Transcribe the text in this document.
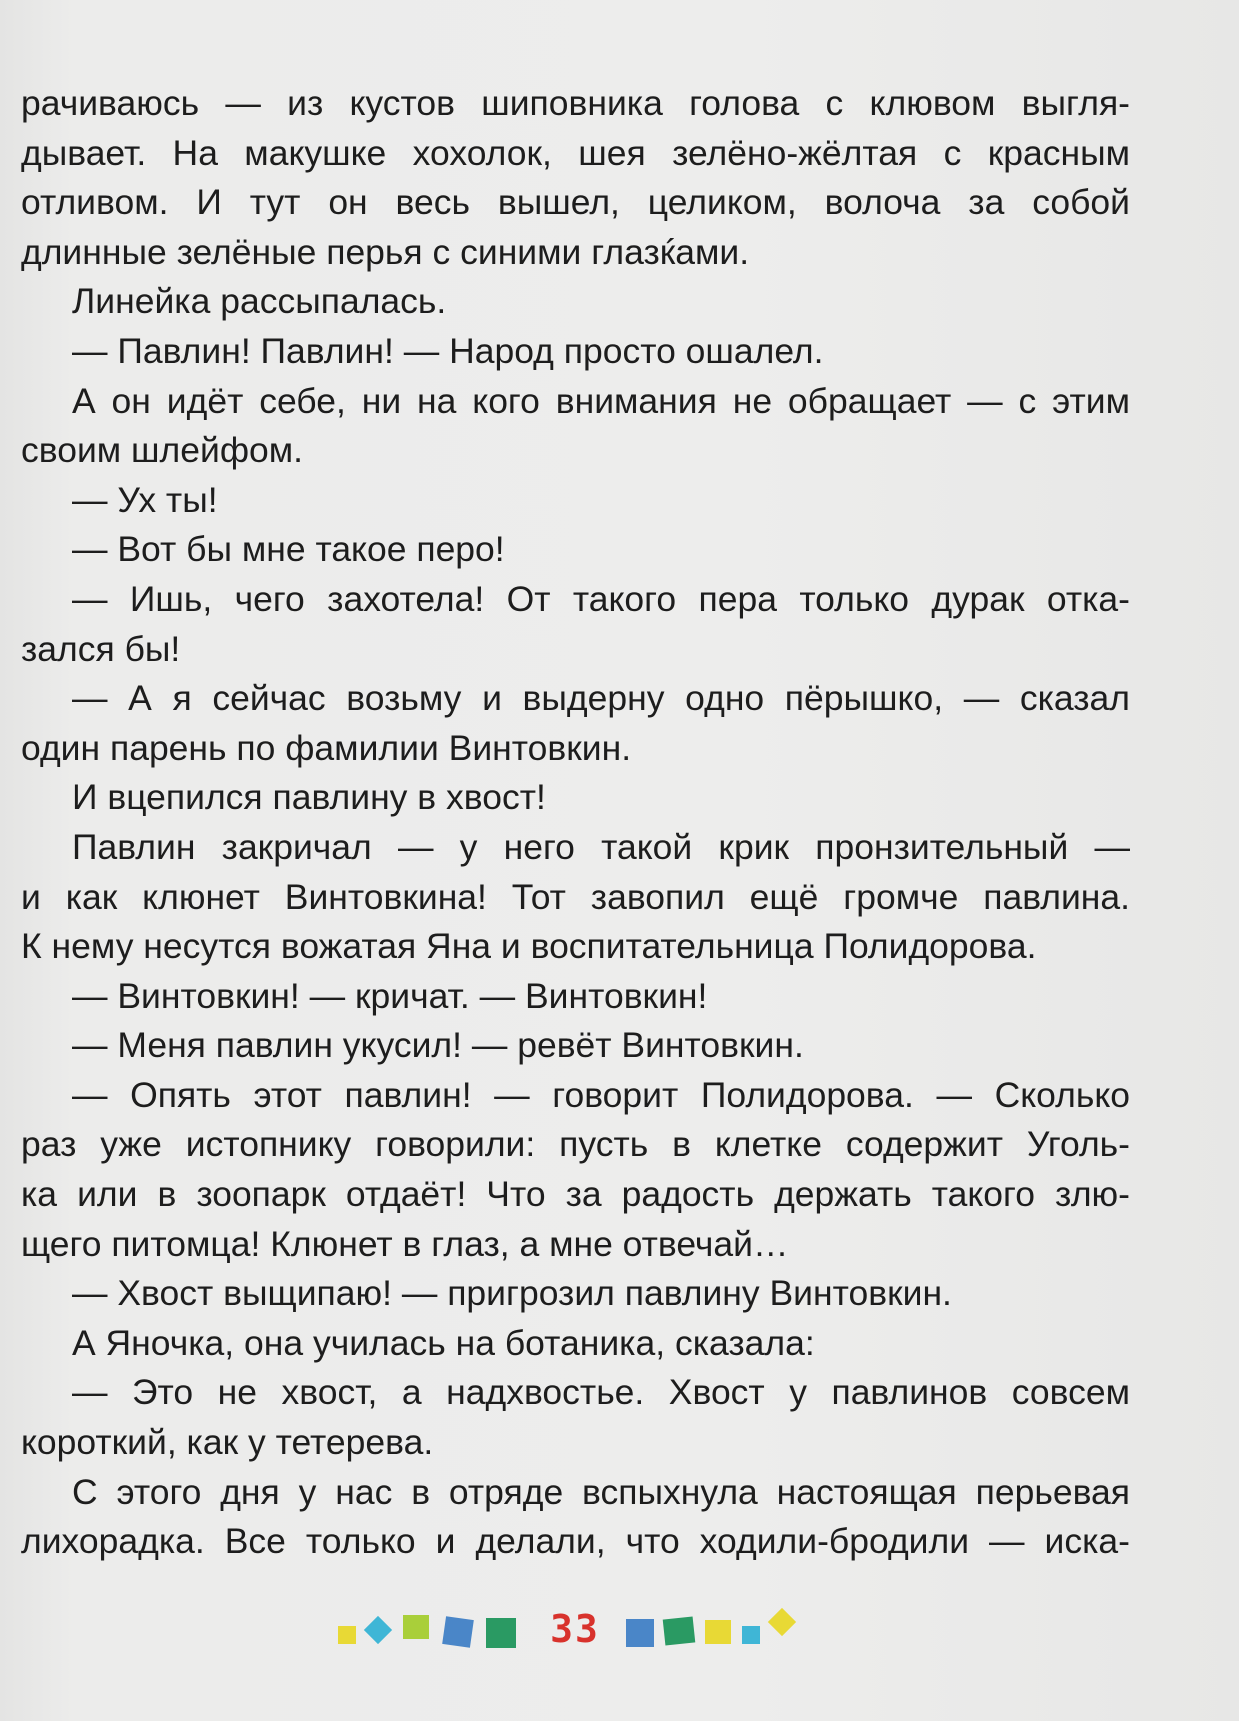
рачиваюсь — из кустов шиповника голова с клювом выгля-
дывает. На макушке хохолок, шея зелёно-жёлтая с красным
отливом. И тут он весь вышел, целиком, волоча за собой
длинные зелёные перья с синими глазќами.
Линейка рассыпалась.
— Павлин! Павлин! — Народ просто ошалел.
А он идёт себе, ни на кого внимания не обращает — с этим
своим шлейфом.
— Ух ты!
— Вот бы мне такое перо!
— Ишь, чего захотела! От такого пера только дурак отка-
зался бы!
— А я сейчас возьму и выдерну одно пёрышко, — сказал
один парень по фамилии Винтовкин.
И вцепился павлину в хвост!
Павлин закричал — у него такой крик пронзительный —
и как клюнет Винтовкина! Тот завопил ещё громче павлина.
К нему несутся вожатая Яна и воспитательница Полидорова.
— Винтовкин! — кричат. — Винтовкин!
— Меня павлин укусил! — ревёт Винтовкин.
— Опять этот павлин! — говорит Полидорова. — Сколько
раз уже истопнику говорили: пусть в клетке содержит Уголь-
ка или в зоопарк отдаёт! Что за радость держать такого злю-
щего питомца! Клюнет в глаз, а мне отвечай…
— Хвост выщипаю! — пригрозил павлину Винтовкин.
А Яночка, она училась на ботаника, сказала:
— Это не хвост, а надхвостье. Хвост у павлинов совсем
короткий, как у тетерева.
С этого дня у нас в отряде вспыхнула настоящая перьевая
лихорадка. Все только и делали, что ходили-бродили — иска-
33
